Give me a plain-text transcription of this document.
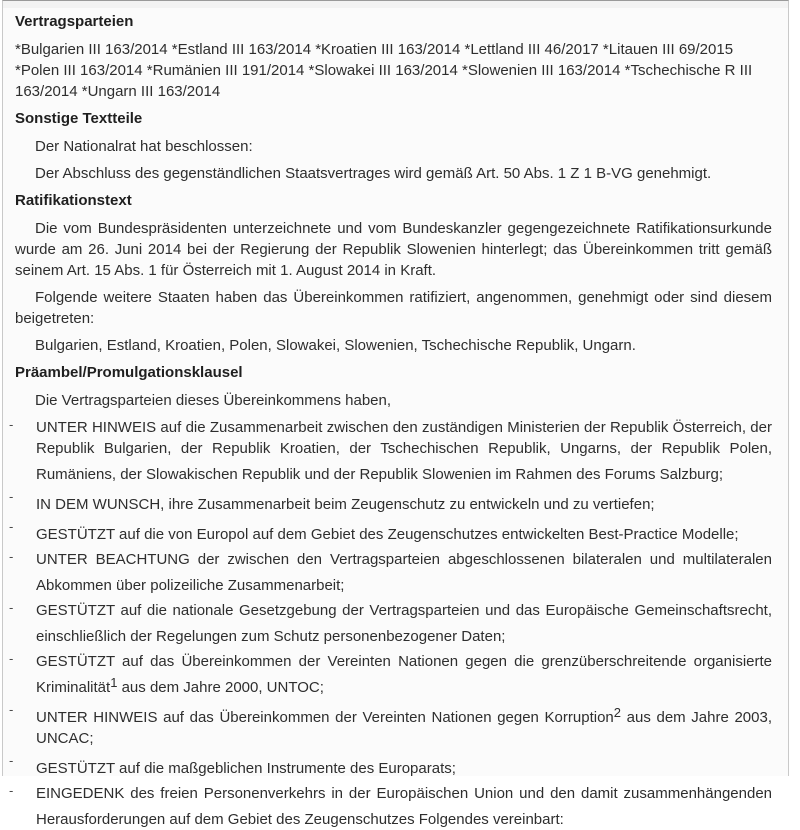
Vertragsparteien

*Bulgarien III 163/2014 *Estland III 163/2014 *Kroatien III 163/2014 *Lettland III 46/2017 *Litauen III 69/2015 *Polen III 163/2014 *Rumänien III 191/2014 *Slowakei III 163/2014 *Slowenien III 163/2014 *Tschechische R III 163/2014 *Ungarn III 163/2014

Sonstige Textteile

Der Nationalrat hat beschlossen:

Der Abschluss des gegenständlichen Staatsvertrages wird gemäß Art. 50 Abs. 1 Z 1 B-VG genehmigt.

Ratifikationstext

Die vom Bundespräsidenten unterzeichnete und vom Bundeskanzler gegengezeichnete Ratifikationsurkunde wurde am 26. Juni 2014 bei der Regierung der Republik Slowenien hinterlegt; das Übereinkommen tritt gemäß seinem Art. 15 Abs. 1 für Österreich mit 1. August 2014 in Kraft.

Folgende weitere Staaten haben das Übereinkommen ratifiziert, angenommen, genehmigt oder sind diesem beigetreten:

Bulgarien, Estland, Kroatien, Polen, Slowakei, Slowenien, Tschechische Republik, Ungarn.

Präambel/Promulgationsklausel

Die Vertragsparteien dieses Übereinkommens haben,

- UNTER HINWEIS auf die Zusammenarbeit zwischen den zuständigen Ministerien der Republik Österreich, der Republik Bulgarien, der Republik Kroatien, der Tschechischen Republik, Ungarns, der Republik Polen, Rumäniens, der Slowakischen Republik und der Republik Slowenien im Rahmen des Forums Salzburg;
- IN DEM WUNSCH, ihre Zusammenarbeit beim Zeugenschutz zu entwickeln und zu vertiefen;
- GESTÜTZT auf die von Europol auf dem Gebiet des Zeugenschutzes entwickelten Best-Practice Modelle;
- UNTER BEACHTUNG der zwischen den Vertragsparteien abgeschlossenen bilateralen und multilateralen Abkommen über polizeiliche Zusammenarbeit;
- GESTÜTZT auf die nationale Gesetzgebung der Vertragsparteien und das Europäische Gemeinschaftsrecht, einschließlich der Regelungen zum Schutz personenbezogener Daten;
- GESTÜTZT auf das Übereinkommen der Vereinten Nationen gegen die grenzüberschreitende organisierte Kriminalität1 aus dem Jahre 2000, UNTOC;
- UNTER HINWEIS auf das Übereinkommen der Vereinten Nationen gegen Korruption2 aus dem Jahre 2003, UNCAC;
- GESTÜTZT auf die maßgeblichen Instrumente des Europarats;
- EINGEDENK des freien Personenverkehrs in der Europäischen Union und den damit zusammenhängenden Herausforderungen auf dem Gebiet des Zeugenschutzes Folgendes vereinbart:
